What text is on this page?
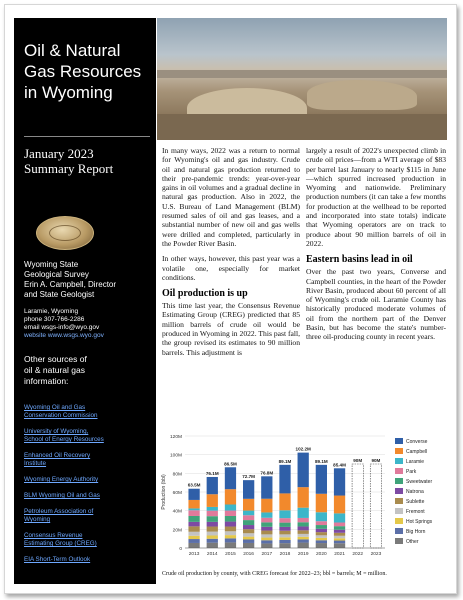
Oil & Natural
Gas Resources
in Wyoming
January 2023
Summary Report
Wyoming State
Geological Survey
Erin A. Campbell, Director
and State Geologist
Laramie, Wyoming
phone 307-766-2286
email wsgs-info@wyo.gov
website www.wsgs.wyo.gov
Other sources of
oil & natural gas
information:
Wyoming Oil and Gas
Conservation Commission
University of Wyoming,
School of Energy Resources
Enhanced Oil Recovery
Institute
Wyoming Energy Authority
BLM Wyoming Oil and Gas
Petroleum Association of
Wyoming
Consensus Revenue
Estimating Group (CREG)
EIA Short-Term Outlook

In many ways, 2022 was a return to normal for Wyoming's oil and gas industry. Crude oil and natural gas production returned to their pre-pandemic trends: year-over-year gains in oil volumes and a gradual decline in natural gas production. Also in 2022, the U.S. Bureau of Land Management (BLM) resumed sales of oil and gas leases, and a substantial number of new oil and gas wells were drilled and completed, particularly in the Powder River Basin.

In other ways, however, this past year was a volatile one, especially for market conditions.

Oil production is up

This time last year, the Consensus Revenue Estimating Group (CREG) predicted that 85 million barrels of crude oil would be produced in Wyoming in 2022. This past fall, the group revised its estimates to 90 million barrels. This adjustment is

largely a result of 2022's unexpected climb in crude oil prices—from a WTI average of $83 per barrel last January to nearly $115 in June—which spurred increased production in Wyoming and nationwide. Preliminary production numbers (it can take a few months for production at the wellhead to be reported and incorporated into state totals) indicate that Wyoming operators are on track to produce about 90 million barrels of oil in 2022.

Eastern basins lead in oil

Over the past two years, Converse and Campbell counties, in the heart of the Powder River Basin, produced about 60 percent of all of Wyoming's crude oil. Laramie County has historically produced moderate volumes of oil from the northern part of the Denver Basin, but has become the state's number-three oil-producing county in recent years.

0
20M
40M
60M
80M
100M
120M
Production (bbl)	63.5M
2013
76.1M
2014
86.5M
2015
72.7M
2016
76.8M
2017
89.1M
2018
102.2M
2019
89.1M
2020
85.4M
2021
90M
2022
90M
2023
Converse
Campbell
Laramie
Park
Sweetwater
Natrona
Sublette
Fremont
Hot Springs
Big Horn
Other
Crude oil production by county, with CREG forecast for 2022–23; bbl = barrels; M = million.
